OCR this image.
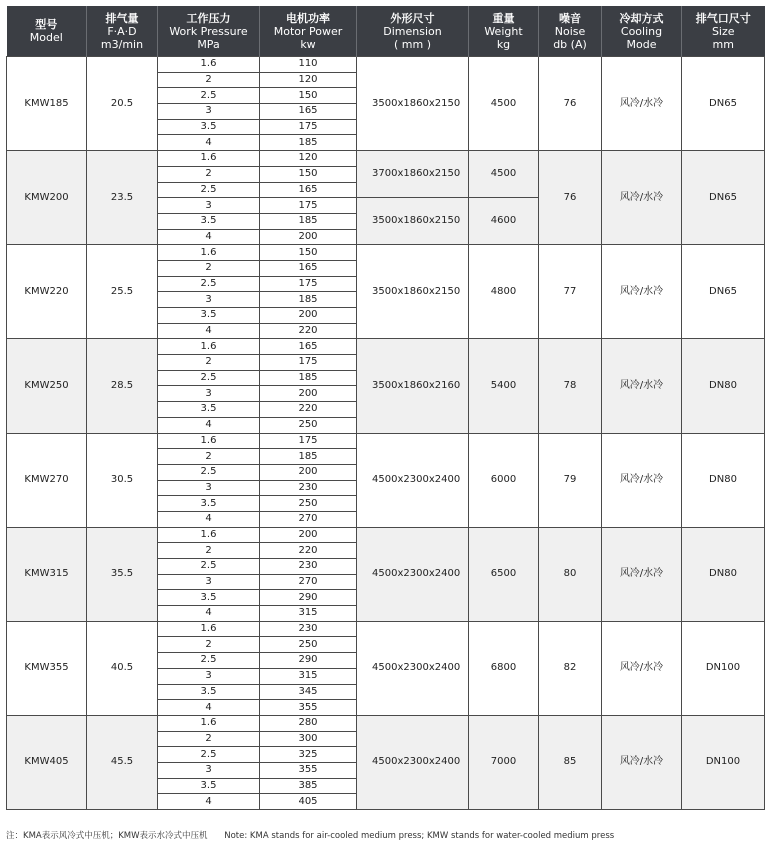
型号
Model	排气量
F·A·D
m3/min	工作压力
Work Pressure
MPa	电机功率
Motor Power
kw	外形尺寸
Dimension
( mm )	重量
Weight
kg	噪音
Noise
db (A)	冷却方式
Cooling
Mode	排气口尺寸
Size
mm

KMW185	20.5	1.6	110	3500x1860x2150	4500	76	风冷/水冷	DN65
		2	120					
		2.5	150					
		3	165					
		3.5	175					
		4	185					
KMW200	23.5	1.6	120	3700x1860x2150	4500	76	风冷/水冷	DN65
		2	150					
		2.5	165					
		3	175	3500x1860x2150	4600			
		3.5	185					
		4	200					
KMW220	25.5	1.6	150	3500x1860x2150	4800	77	风冷/水冷	DN65
		2	165					
		2.5	175					
		3	185					
		3.5	200					
		4	220					
KMW250	28.5	1.6	165	3500x1860x2160	5400	78	风冷/水冷	DN80
		2	175					
		2.5	185					
		3	200					
		3.5	220					
		4	250					
KMW270	30.5	1.6	175	4500x2300x2400	6000	79	风冷/水冷	DN80
		2	185					
		2.5	200					
		3	230					
		3.5	250					
		4	270					
KMW315	35.5	1.6	200	4500x2300x2400	6500	80	风冷/水冷	DN80
		2	220					
		2.5	230					
		3	270					
		3.5	290					
		4	315					
KMW355	40.5	1.6	230	4500x2300x2400	6800	82	风冷/水冷	DN100
		2	250					
		2.5	290					
		3	315					
		3.5	345					
		4	355					
KMW405	45.5	1.6	280	4500x2300x2400	7000	85	风冷/水冷	DN100
		2	300					
		2.5	325					
		3	355					
		3.5	385					
		4	405					
注：KMA表示风冷式中压机；KMW表示水冷式中压机 Note: KMA stands for air-cooled medium press; KMW stands for water-cooled medium press
